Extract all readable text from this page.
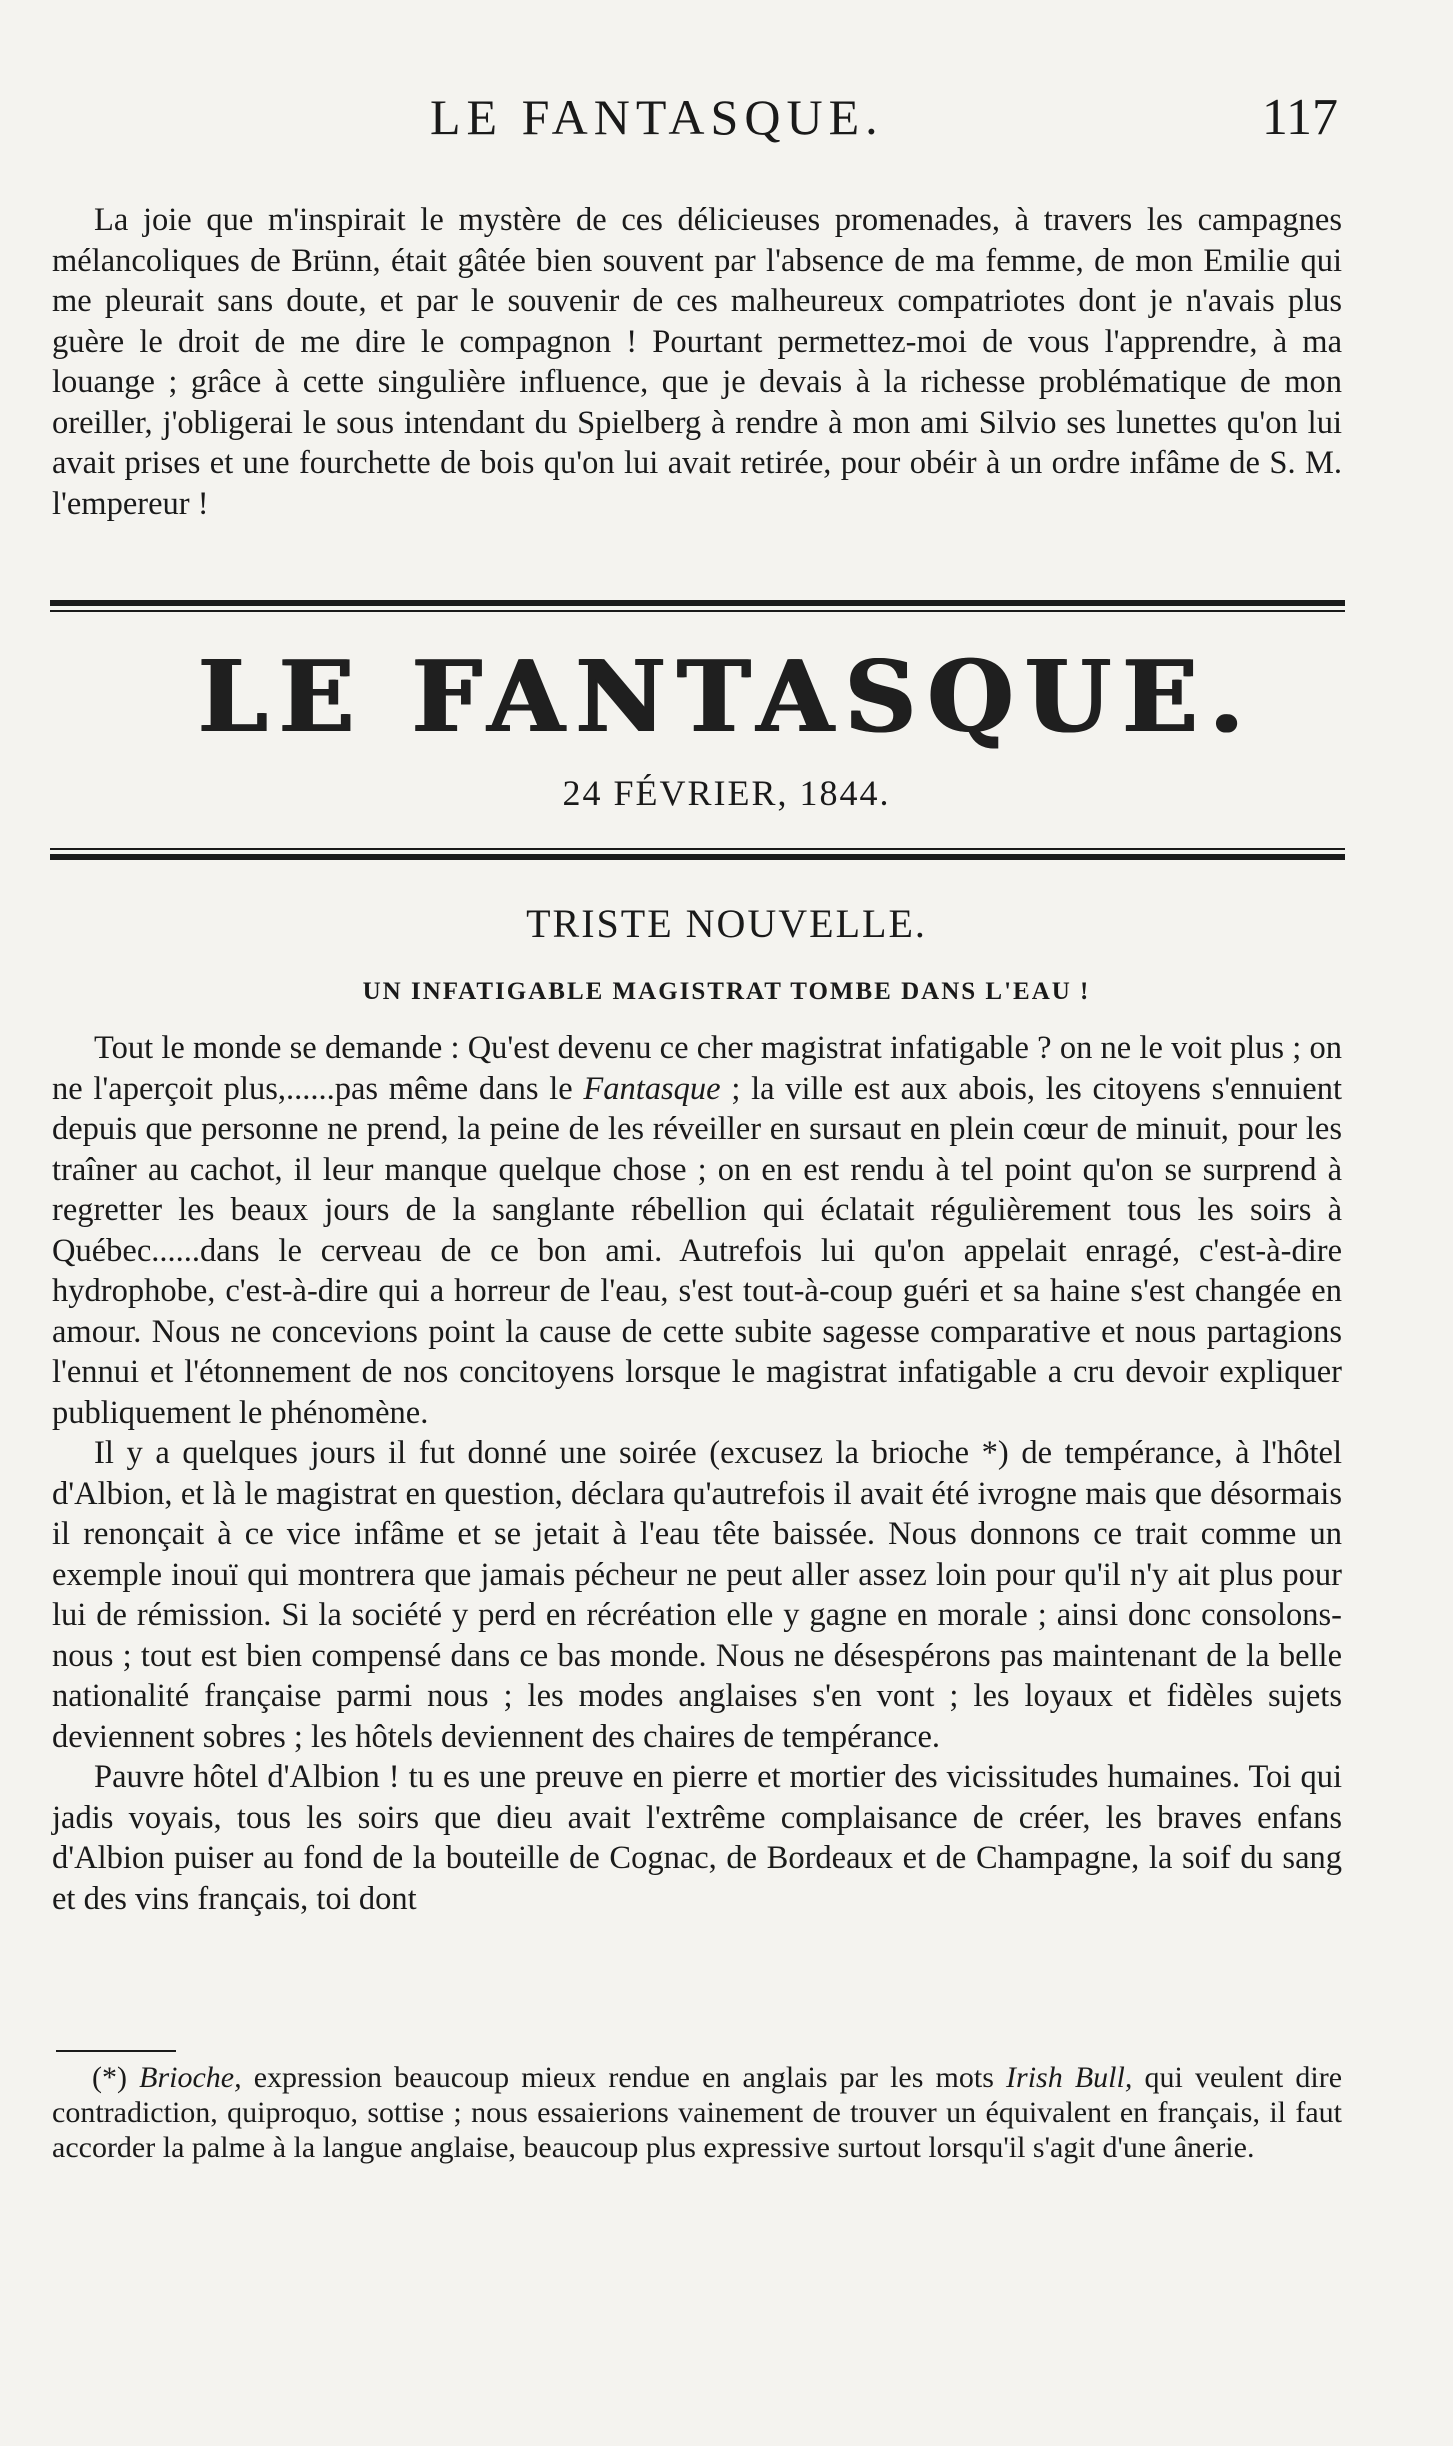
LE FANTASQUE.	117

La joie que m'inspirait le mystère de ces délicieuses promenades, à travers les campagnes mélancoliques de Brünn, était gâtée bien souvent par l'absence de ma femme, de mon Emilie qui me pleurait sans doute, et par le souvenir de ces malheureux compatriotes dont je n'avais plus guère le droit de me dire le compagnon ! Pourtant permettez-moi de vous l'apprendre, à ma louange ; grâce à cette singulière influence, que je devais à la richesse problématique de mon oreiller, j'obligerai le sous intendant du Spielberg à rendre à mon ami Silvio ses lunettes qu'on lui avait prises et une fourchette de bois qu'on lui avait retirée, pour obéir à un ordre infâme de S. M. l'empereur !

LE FANTASQUE.
24 FÉVRIER, 1844.
TRISTE NOUVELLE.
UN INFATIGABLE MAGISTRAT TOMBE DANS L'EAU !

Tout le monde se demande : Qu'est devenu ce cher magistrat infatigable ? on ne le voit plus ; on ne l'aperçoit plus,......pas même dans le Fantasque ; la ville est aux abois, les citoyens s'ennuient depuis que personne ne prend, la peine de les réveiller en sursaut en plein cœur de minuit, pour les traîner au cachot, il leur manque quelque chose ; on en est rendu à tel point qu'on se surprend à regretter les beaux jours de la sanglante rébellion qui éclatait régulièrement tous les soirs à Québec......dans le cerveau de ce bon ami. Autrefois lui qu'on appelait enragé, c'est-à-dire hydrophobe, c'est-à-dire qui a horreur de l'eau, s'est tout-à-coup guéri et sa haine s'est changée en amour. Nous ne concevions point la cause de cette subite sagesse comparative et nous partagions l'ennui et l'étonnement de nos concitoyens lorsque le magistrat infatigable a cru devoir expliquer publiquement le phénomène.

Il y a quelques jours il fut donné une soirée (excusez la brioche *) de tempérance, à l'hôtel d'Albion, et là le magistrat en question, déclara qu'autrefois il avait été ivrogne mais que désormais il renonçait à ce vice infâme et se jetait à l'eau tête baissée. Nous donnons ce trait comme un exemple inouï qui montrera que jamais pécheur ne peut aller assez loin pour qu'il n'y ait plus pour lui de rémission. Si la société y perd en récréation elle y gagne en morale ; ainsi donc consolons-nous ; tout est bien compensé dans ce bas monde. Nous ne désespérons pas maintenant de la belle nationalité française parmi nous ; les modes anglaises s'en vont ; les loyaux et fidèles sujets deviennent sobres ; les hôtels deviennent des chaires de tempérance.

Pauvre hôtel d'Albion ! tu es une preuve en pierre et mortier des vicissitudes humaines. Toi qui jadis voyais, tous les soirs que dieu avait l'extrême complaisance de créer, les braves enfans d'Albion puiser au fond de la bouteille de Cognac, de Bordeaux et de Champagne, la soif du sang et des vins français, toi dont

(*) Brioche, expression beaucoup mieux rendue en anglais par les mots Irish Bull, qui veulent dire contradiction, quiproquo, sottise ; nous essaierions vainement de trouver un équivalent en français, il faut accorder la palme à la langue anglaise, beaucoup plus expressive surtout lorsqu'il s'agit d'une ânerie.
